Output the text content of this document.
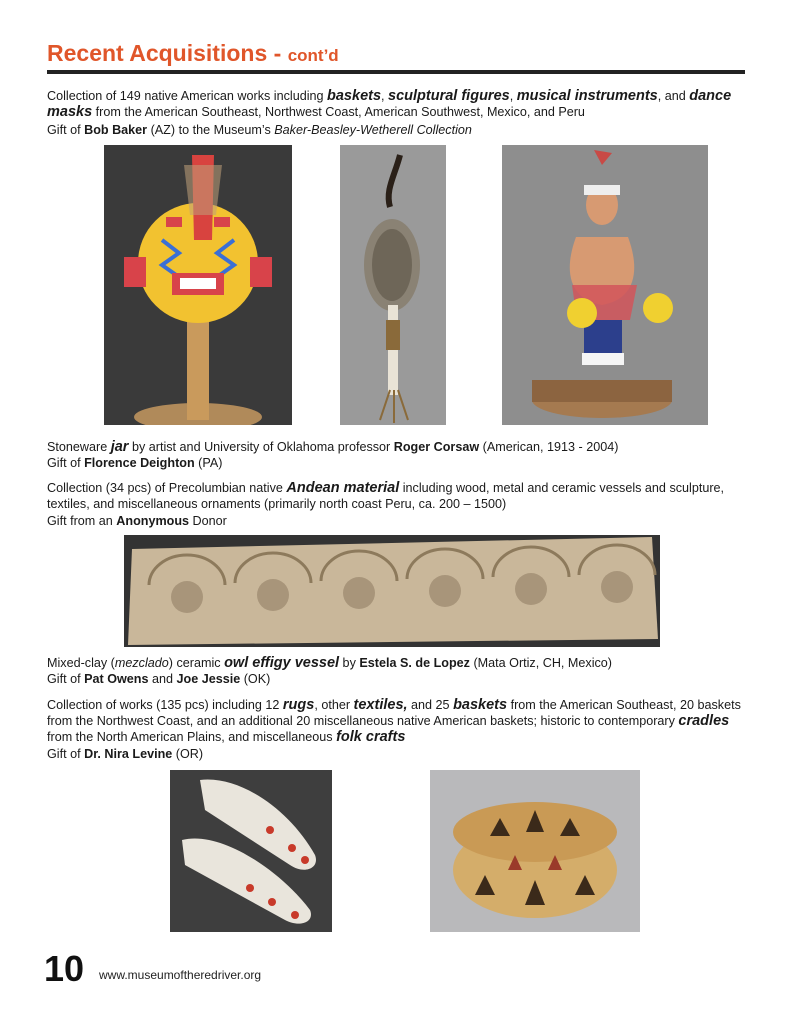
Recent Acquisitions - cont’d

Collection of 149 native American works including baskets, sculptural figures, musical instruments, and dance masks from the American Southeast, Northwest Coast, American Southwest, Mexico, and Peru

Gift of Bob Baker (AZ) to the Museum’s Baker-Beasley-Wetherell Collection

Stoneware jar by artist and University of Oklahoma professor Roger Corsaw (American, 1913 - 2004)

Gift of Florence Deighton (PA)

Collection (34 pcs) of Precolumbian native Andean material including wood, metal and ceramic vessels and sculpture, textiles, and miscellaneous ornaments (primarily north coast Peru, ca. 200 – 1500)

Gift from an Anonymous Donor

Mixed-clay (mezclado) ceramic owl effigy vessel by Estela S. de Lopez (Mata Ortiz, CH, Mexico)

Gift of Pat Owens and Joe Jessie (OK)

Collection of works (135 pcs) including 12 rugs, other textiles, and 25 baskets from the American Southeast, 20 baskets from the Northwest Coast, and an additional 20 miscellaneous native American baskets; historic to contemporary cradles from the North American Plains, and miscellaneous folk crafts

Gift of Dr. Nira Levine (OR)

10 www.museumoftheredriver.org
